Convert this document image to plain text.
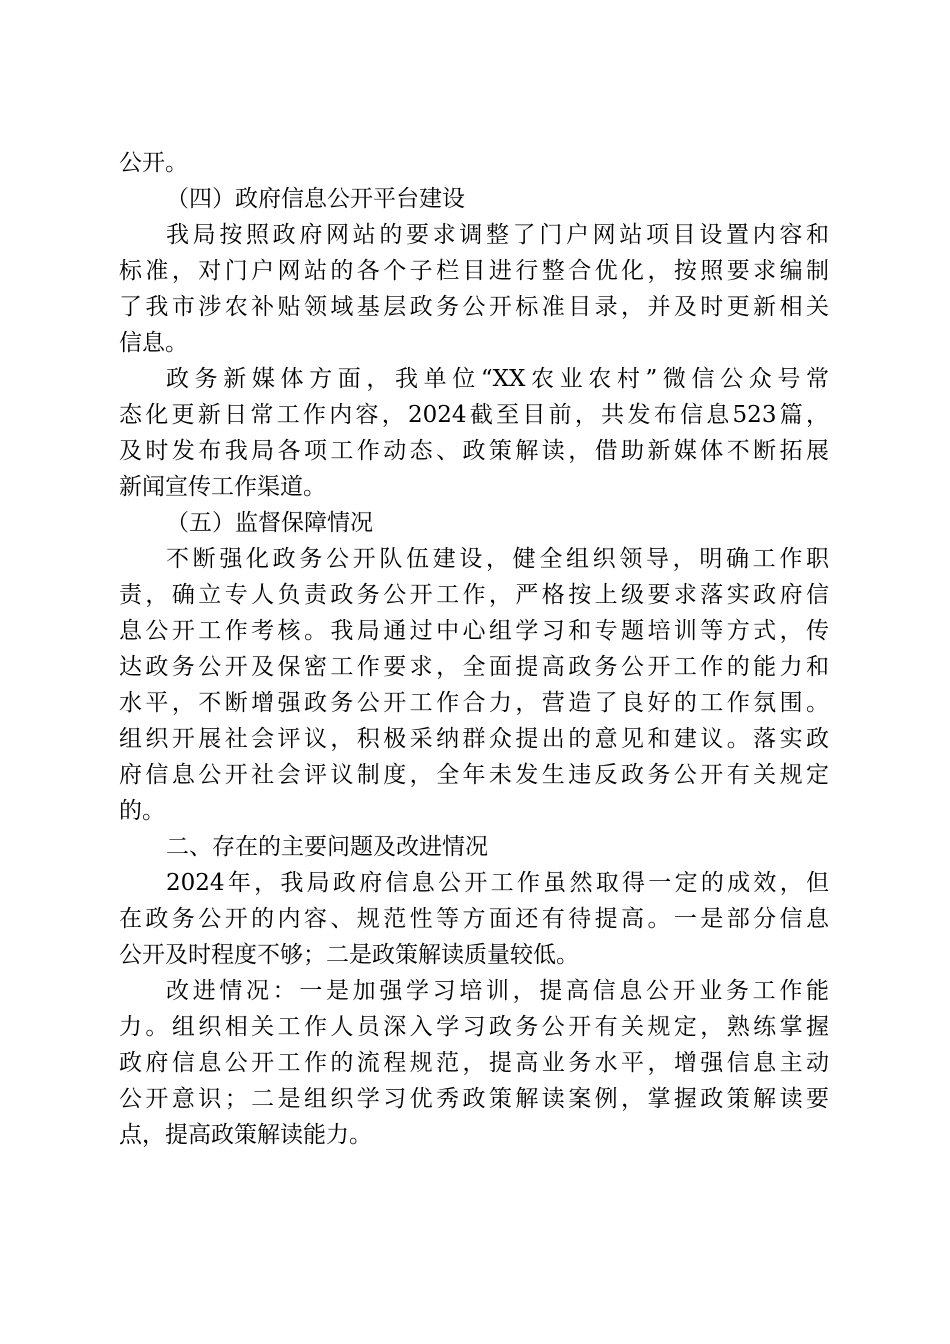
公开。
（四）政府信息公开平台建设
我局按照政府网站的要求调整了门户网站项目设置内容和
标准，对门户网站的各个子栏目进行整合优化，按照要求编制
了我市涉农补贴领域基层政务公开标准目录，并及时更新相关
信息。
政务新媒体方面，我单位“XX农业农村”微信公众号常
态化更新日常工作内容，2024截至目前，共发布信息523篇，
及时发布我局各项工作动态、政策解读，借助新媒体不断拓展
新闻宣传工作渠道。
（五）监督保障情况
不断强化政务公开队伍建设，健全组织领导，明确工作职
责，确立专人负责政务公开工作，严格按上级要求落实政府信
息公开工作考核。我局通过中心组学习和专题培训等方式，传
达政务公开及保密工作要求，全面提高政务公开工作的能力和
水平，不断增强政务公开工作合力，营造了良好的工作氛围。
组织开展社会评议，积极采纳群众提出的意见和建议。落实政
府信息公开社会评议制度，全年未发生违反政务公开有关规定
的。
二、存在的主要问题及改进情况
2024年，我局政府信息公开工作虽然取得一定的成效，但
在政务公开的内容、规范性等方面还有待提高。一是部分信息
公开及时程度不够；二是政策解读质量较低。
改进情况：一是加强学习培训，提高信息公开业务工作能
力。组织相关工作人员深入学习政务公开有关规定，熟练掌握
政府信息公开工作的流程规范，提高业务水平，增强信息主动
公开意识；二是组织学习优秀政策解读案例，掌握政策解读要
点，提高政策解读能力。
